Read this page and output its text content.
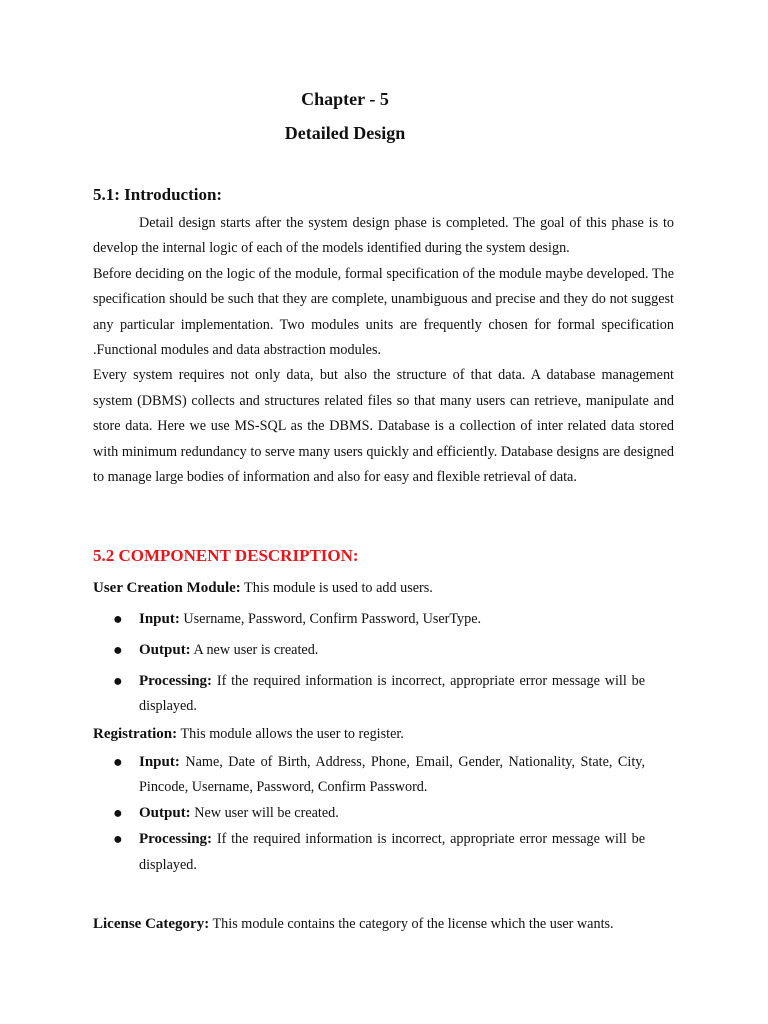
Chapter - 5
Detailed Design
5.1: Introduction:

Detail design starts after the system design phase is completed. The goal of this phase is to develop the internal logic of each of the models identified during the system design.

Before deciding on the logic of the module, formal specification of the module maybe developed. The specification should be such that they are complete, unambiguous and precise and they do not suggest any particular implementation. Two modules units are frequently chosen for formal specification .Functional modules and data abstraction modules.

Every system requires not only data, but also the structure of that data. A database management system (DBMS) collects and structures related files so that many users can retrieve, manipulate and store data. Here we use MS-SQL as the DBMS. Database is a collection of inter related data stored with minimum redundancy to serve many users quickly and efficiently. Database designs are designed to manage large bodies of information and also for easy and flexible retrieval of data.

5.2 COMPONENT DESCRIPTION:

User Creation Module: This module is used to add users.

● Input: Username, Password, Confirm Password, UserType.
● Output: A new user is created.
● Processing: If the required information is incorrect, appropriate error message will be displayed.

Registration: This module allows the user to register.

● Input: Name, Date of Birth, Address, Phone, Email, Gender, Nationality, State, City, Pincode, Username, Password, Confirm Password.
● Output: New user will be created.
● Processing: If the required information is incorrect, appropriate error message will be displayed.

License Category: This module contains the category of the license which the user wants.
